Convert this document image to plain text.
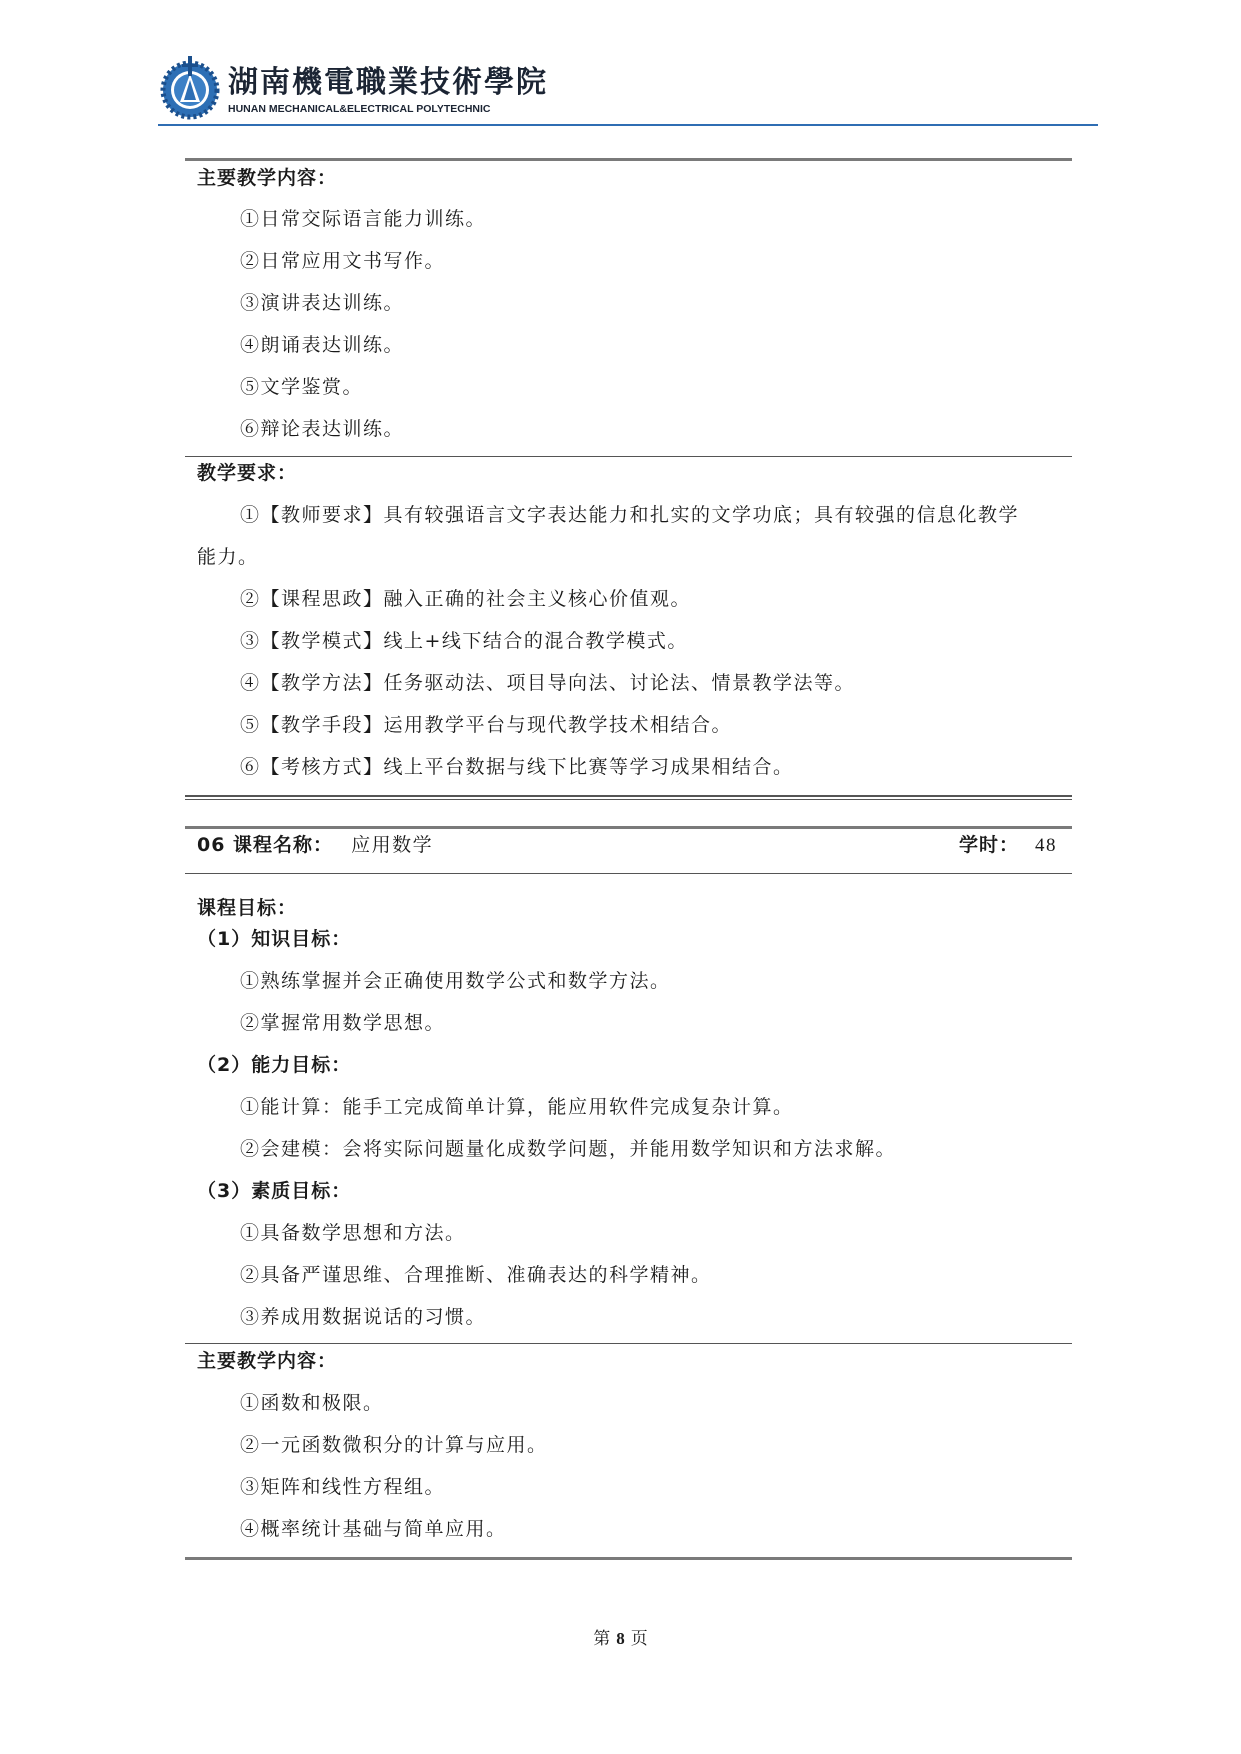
湖南機電職業技術學院
HUNAN MECHANICAL&ELECTRICAL POLYTECHNIC
主要教学内容：
①日常交际语言能力训练。
②日常应用文书写作。
③演讲表达训练。
④朗诵表达训练。
⑤文学鉴赏。
⑥辩论表达训练。
教学要求：
①【教师要求】具有较强语言文字表达能力和扎实的文学功底；具有较强的信息化教学
能力。
②【课程思政】融入正确的社会主义核心价值观。
③【教学模式】线上+线下结合的混合教学模式。
④【教学方法】任务驱动法、项目导向法、讨论法、情景教学法等。
⑤【教学手段】运用教学平台与现代教学技术相结合。
⑥【考核方式】线上平台数据与线下比赛等学习成果相结合。
06 课程名称： 应用数学	学时： 48
课程目标：
（1）知识目标：
①熟练掌握并会正确使用数学公式和数学方法。
②掌握常用数学思想。
（2）能力目标：
①能计算：能手工完成简单计算，能应用软件完成复杂计算。
②会建模：会将实际问题量化成数学问题，并能用数学知识和方法求解。
（3）素质目标：
①具备数学思想和方法。
②具备严谨思维、合理推断、准确表达的科学精神。
③养成用数据说话的习惯。
主要教学内容：
①函数和极限。
②一元函数微积分的计算与应用。
③矩阵和线性方程组。
④概率统计基础与简单应用。
第 8 页
